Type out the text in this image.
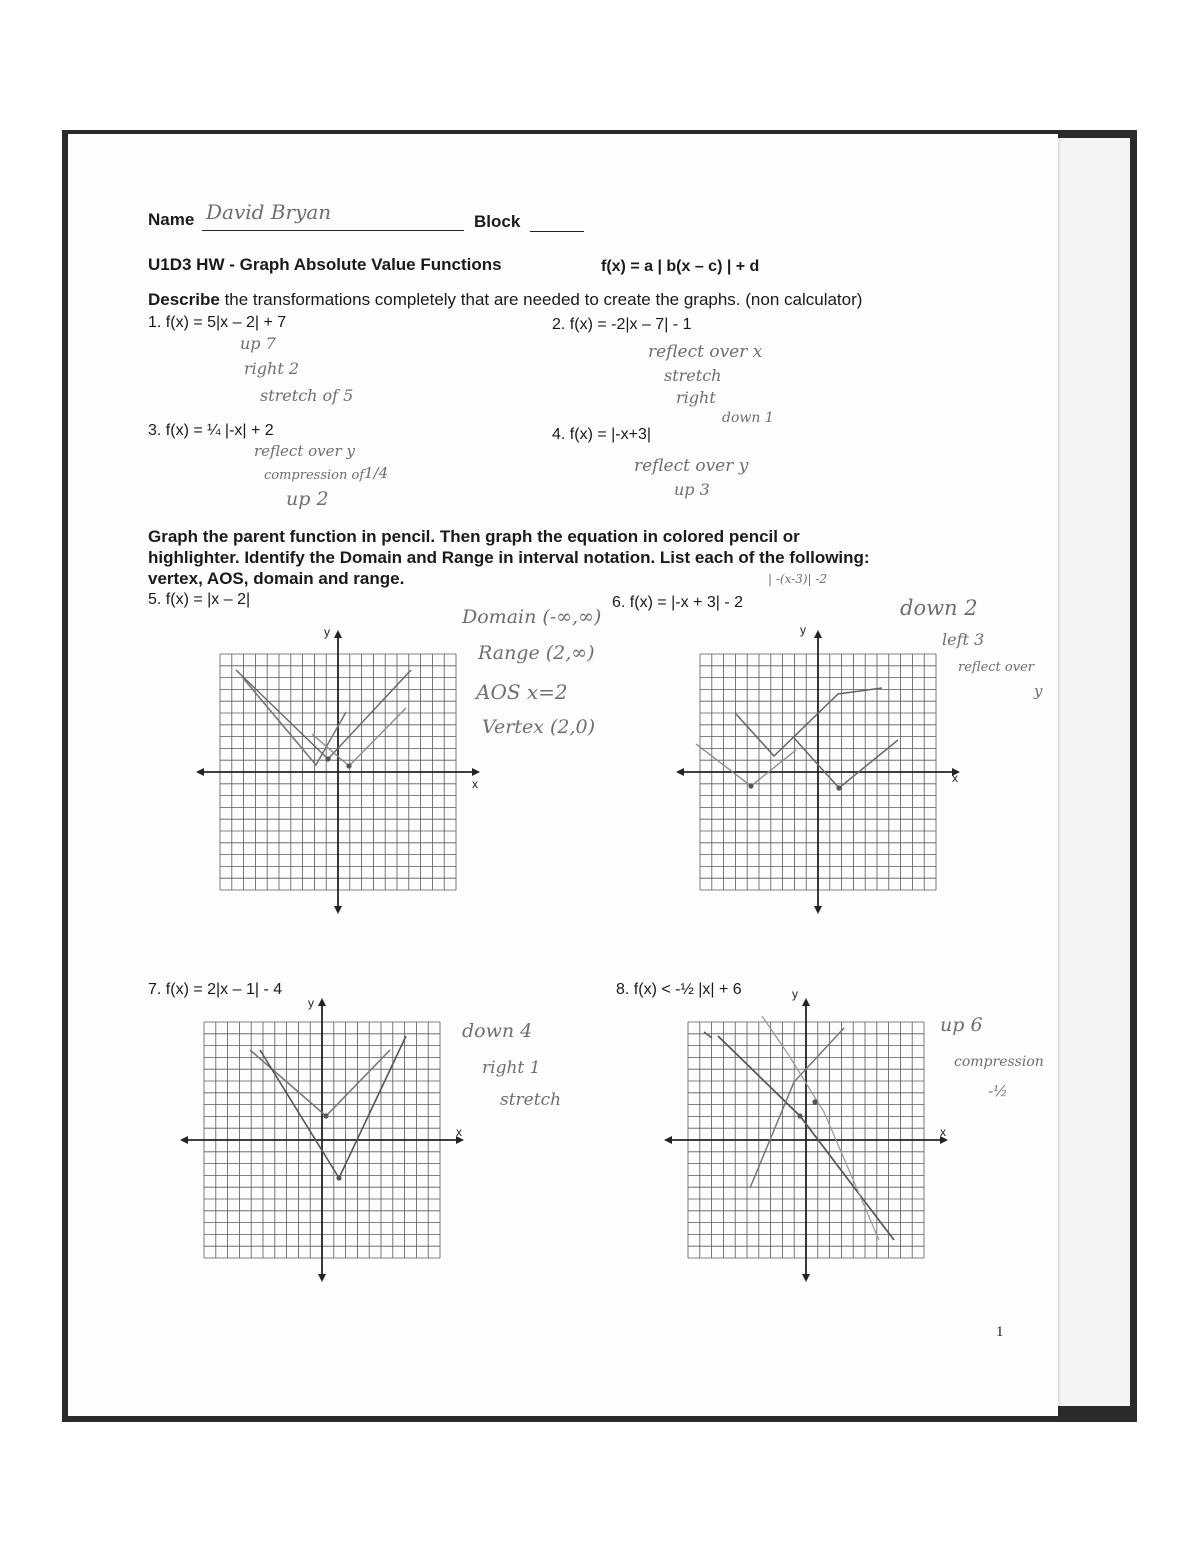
Name David Bryan	Block
U1D3 HW - Graph Absolute Value Functions	f(x) = a | b(x – c) | + d
Describe the transformations completely that are needed to create the graphs. (non calculator)
1. f(x) = 5|x – 2| + 7
up 7
right 2
stretch of 5
2. f(x) = -2|x – 7| - 1
reflect over x
stretch
right
down 1
3. f(x) = ¼ |-x| + 2
reflect over y
compression of 1/4
up 2
4. f(x) = |-x+3|
reflect over y
up 3
Graph the parent function in pencil. Then graph the equation in colored pencil or
highlighter. Identify the Domain and Range in interval notation. List each of the following:
vertex, AOS, domain and range.
5. f(x) = |x – 2|
Domain (-∞,∞)
Range (2,∞)
AOS x=2
Vertex (2,0)
6. f(x) = |-x + 3| - 2
| -(x-3)| -2
down 2
left 3
reflect over
y
7. f(x) = 2|x – 1| - 4
down 4
right 1
stretch
8. f(x) < -½ |x| + 6
up 6
compression
-½
1
y
x
y
x
y
x
y
x
